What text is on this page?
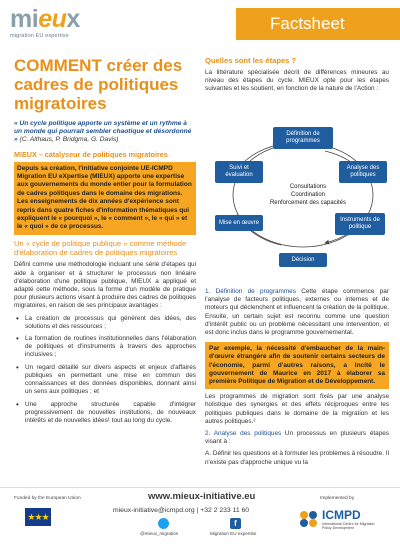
mieux
migration EU expertise
Factsheet
COMMENT créer des cadres de politiques migratoires
« Un cycle politique apporte un système et un rythme à un monde qui pourrait sembler chaotique et désordonné » (C. Althaus, P. Bridgma, G. Davis)
MIEUX – catalyseur de politiques migratoires
Depuis sa création, l'initiative conjointe UE-ICMPD Migration EU eXpertise (MIEUX) apporte une expertise aux gouvernements du monde entier pour la formulation de cadres politiques dans le domaine des migrations. Les enseignements de dix années d'expérience sont repris dans quatre fiches d'information thématiques qui expliquent le « pourquoi », le « comment », le « qui » et le « quoi » de ce processus.
Un « cycle de politique publique » comme méthode d'élaboration de cadres de politiques migratoires
Défini comme une méthodologie incluant une série d'étapes qui aide à organiser et à structurer le processus non linéaire d'élaboration d'une politique publique, MIEUX a appliqué et adapté cette méthode, sous la forme d'un modèle de pratique pour plusieurs actions visant à produire des cadres de politiques migratoires, en raison de ses principaux avantages :
• La création de processus qui génèrent des idées, des solutions et des ressources ;
• La formation de routines institutionnelles dans l'élaboration de politiques et d'instruments à travers des approches inclusives ;
• Un regard détaillé sur divers aspects et enjeux d'affaires publiques en permettant une mise en commun des connaissances et des données disponibles, donnant ainsi un sens aux politiques ; et
• Une approche structurée capable d'intégrer progressivement de nouvelles institutions, de nouveaux intérêts et de nouvelles idées¹ tout au long du cycle.
Quelles sont les étapes ?
La littérature spécialisée décrit de différences mineures au niveau des étapes du cycle. MIEUX opte pour les étapes suivantes et les soutient, en fonction de la nature de l'Action :
Définition de programmes
Suivi et évaluation
Analyse des politiques
Mise en œuvre	Instruments de politique
Décision
Consultations
Coordination
Renforcement des capacités
1. Définition de programmes Cette étape commence par l'analyse de facteurs politiques, externes ou internes et de moteurs qui déclenchent et influencent la création de la politique. Ensuite, un certain sujet est reconnu comme une question d'intérêt public ou un problème nécessitant une intervention, et est donc inclus dans le programme gouvernemental.
Par exemple, la nécessité d'embaucher de la main-d'œuvre étrangère afin de soutenir certains secteurs de l'économie, parmi d'autres raisons, a incité le gouvernement de Maurice en 2017 à élaborer sa première Politique de Migration et de Développement.
Les programmes de migration sont fixés par une analyse holistique des synergies et des effets réciproques entre les politiques publiques dans le domaine de la migration et les autres politiques.²
2. Analyse des politiques Un processus en plusieurs étapes visant à :
A. Définir les questions et à formuler les problèmes à résoudre. Il n'existe pas d'approche unique vu la
Funded by the European Union
★★★
www.mieux-initiative.eu
mieux-initiative@icmpd.org | +32 2 233 11 60
f
@mieux_migration	Migration EU expertise
Implemented by
ICMPD
International Centre for Migration Policy Development
